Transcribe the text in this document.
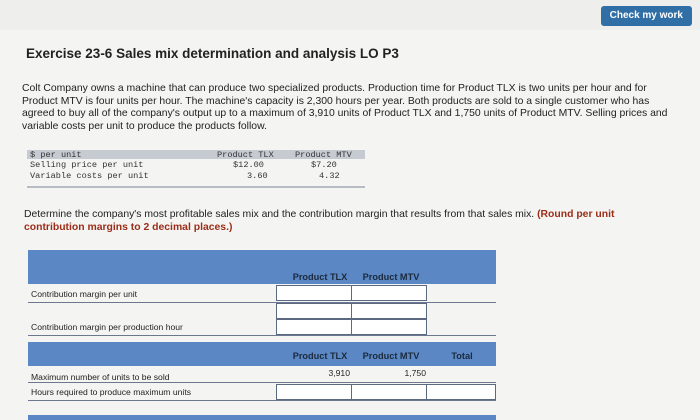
Check my work
Exercise 23-6 Sales mix determination and analysis LO P3
Colt Company owns a machine that can produce two specialized products. Production time for Product TLX is two units per hour and for Product MTV is four units per hour. The machine's capacity is 2,300 hours per year. Both products are sold to a single customer who has agreed to buy all of the company's output up to a maximum of 3,910 units of Product TLX and 1,750 units of Product MTV. Selling prices and variable costs per unit to produce the products follow.
$ per unit	Product TLX Product MTV
Selling price per unit	$12.00	$7.20
Variable costs per unit	3.60	4.32
Determine the company's most profitable sales mix and the contribution margin that results from that sales mix. (Round per unit contribution margins to 2 decimal places.)
Product TLX	Product MTV
Contribution margin per unit
Contribution margin per production hour
Product TLX	Product MTV	Total
Maximum number of units to be sold	3,910	1,750
Hours required to produce maximum units
